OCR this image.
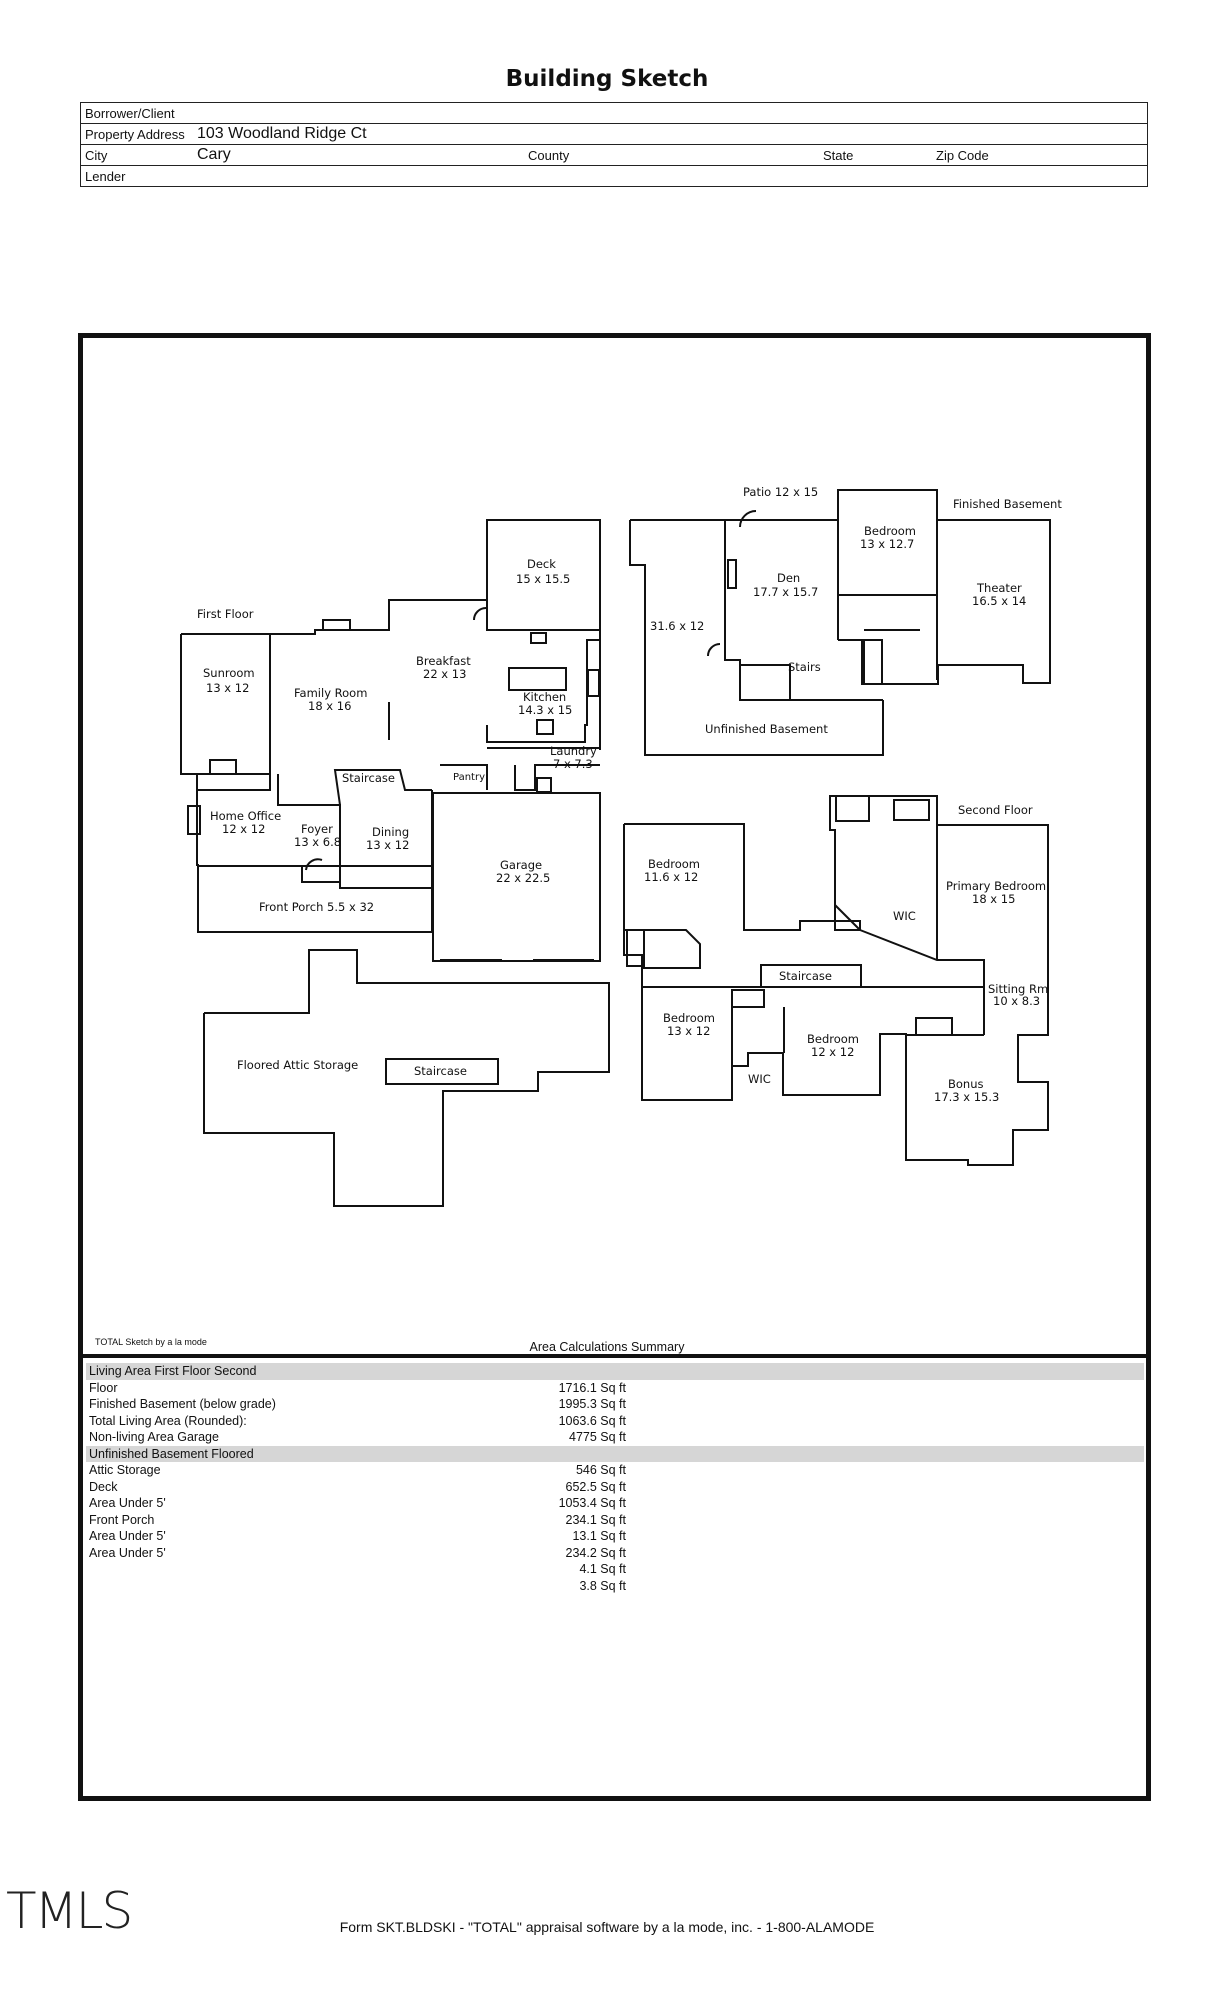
Building Sketch
Borrower/Client
Property Address 103 Woodland Ridge Ct

City	Cary	County	State	Zip Code

Lender
First Floor
Sunroom
13 x 12	Family Room
18 x 16
Breakfast
22 x 13
Deck
15 x 15.5
Kitchen
14.3 x 15
Laundry
7 x 7.3
Staircase	Pantry
Home Office
12 x 12	Foyer
13 x 6.8
Dining
13 x 12
Garage
22 x 22.5
Front Porch 5.5 x 32
Floored Attic Storage	Staircase
Patio 12 x 15
Finished Basement
31.6 x 12
Den
17.7 x 15.7
Bedroom
13 x 12.7
Theater
16.5 x 14
Stairs
Unfinished Basement
Second Floor
Bedroom
11.6 x 12
Primary Bedroom
18 x 15
WIC
Staircase
Sitting Rm
10 x 8.3
Bedroom
13 x 12
Bedroom
12 x 12
WIC	Bonus
17.3 x 15.3
TOTAL Sketch by a la mode	Area Calculations Summary
Living Area First Floor Second
Floor	1716.1 Sq ft
Finished Basement (below grade)	1995.3 Sq ft
Total Living Area (Rounded):	1063.6 Sq ft
Non-living Area Garage	4775 Sq ft
Unfinished Basement Floored
Attic Storage	546 Sq ft
Deck	652.5 Sq ft
Area Under 5'	1053.4 Sq ft
Front Porch	234.1 Sq ft
Area Under 5'	13.1 Sq ft
Area Under 5'	234.2 Sq ft
4.1 Sq ft
3.8 Sq ft
TMLS	Form SKT.BLDSKI - "TOTAL" appraisal software by a la mode, inc. - 1-800-ALAMODE
